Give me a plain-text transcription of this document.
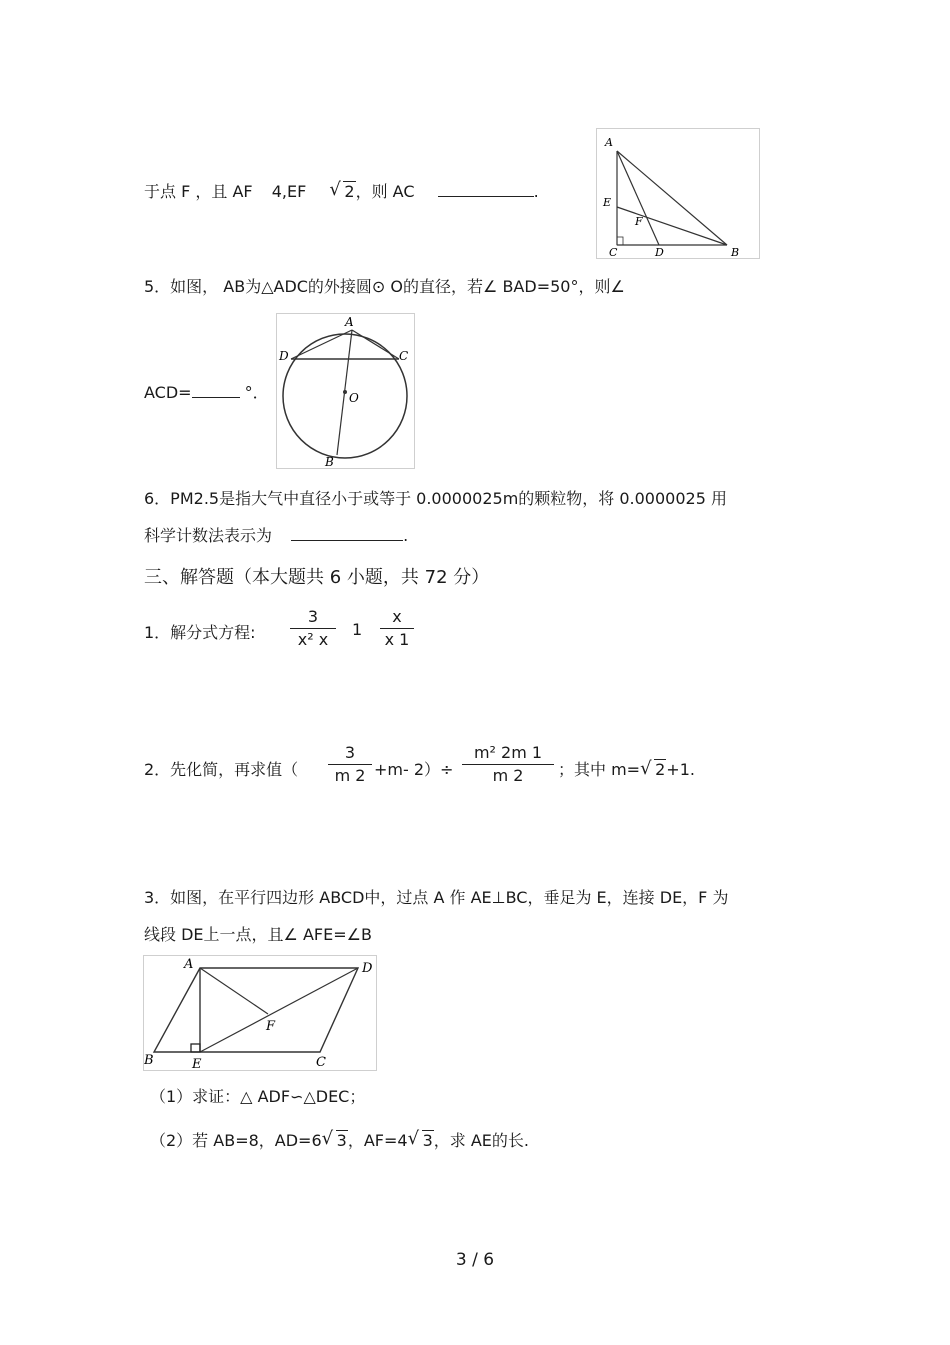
于点 F ，且 AF 4,EF √ 2，则 AC	.
A
E
F
C	D	B
5．如图， AB为△ADC的外接圆⊙ O的直径，若∠ BAD=50°，则∠
A
D	C
O
B
ACD=	°．
6．PM2.5是指大气中直径小于或等于 0.0000025m的颗粒物，将 0.0000025 用
科学计数法表示为	.
三、解答题（本大题共 6 小题，共 72 分）
1．解分式方程:
3
x² x
1
x
x 1
2．先化简，再求值（
3
m 2 +m- 2）÷
m² 2m 1
m 2	；其中 m= √ 2+1.
3．如图，在平行四边形 ABCD中，过点 A 作 AE⊥BC，垂足为 E，连接 DE，F 为
线段 DE上一点，且∠ AFE=∠B
A	D
F
B	E	C
（1）求证：△ ADF∽△DEC；
（2）若 AB=8，AD=6 √ 3，AF=4 √ 3，求 AE的长.
3 / 6
